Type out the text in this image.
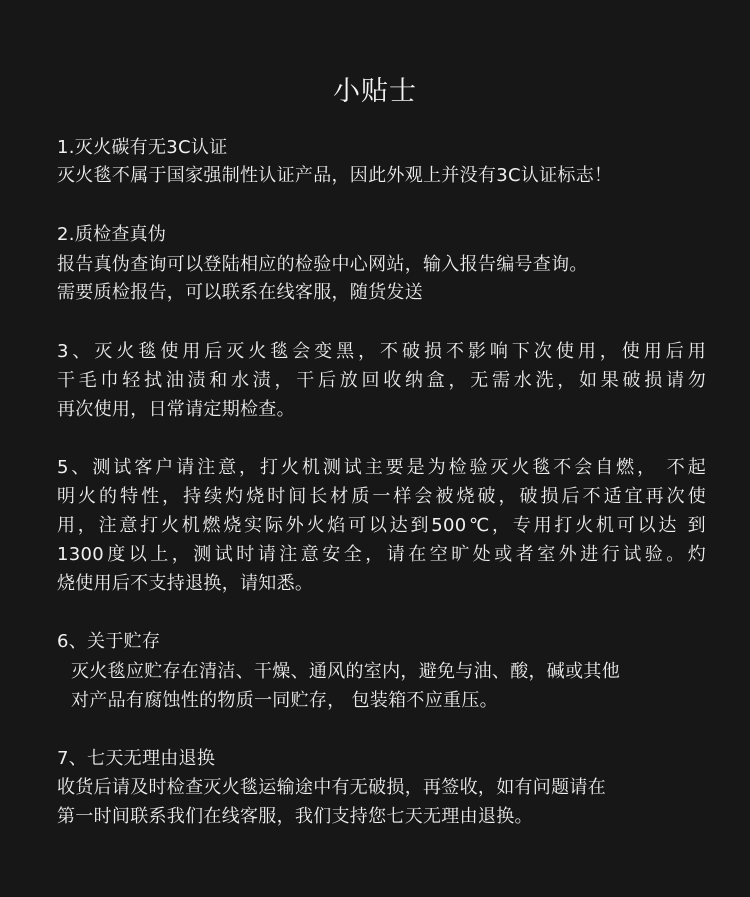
小贴士
1.灭火碳有无3C认证
灭火毯不属于国家强制性认证产品，因此外观上并没有3C认证标志！
2.质检查真伪
报告真伪查询可以登陆相应的检验中心网站，输入报告编号查询。
需要质检报告，可以联系在线客服，随货发送
3、灭火毯使用后灭火毯会变黑，不破损不影响下次使用，使用后用
干毛巾轻拭油渍和水渍，干后放回收纳盒，无需水洗，如果破损请勿
再次使用，日常请定期检查。
5、测试客户请注意，打火机测试主要是为检验灭火毯不会自燃， 不起
明火的特性，持续灼烧时间长材质一样会被烧破，破损后不适宜再次使
用，注意打火机燃烧实际外火焰可以达到500℃，专用打火机可以达 到
1300度以上，测试时请注意安全，请在空旷处或者室外进行试验。灼
烧使用后不支持退换，请知悉。
6、关于贮存
灭火毯应贮存在清洁、干燥、通风的室内，避免与油、酸，碱或其他
对产品有腐蚀性的物质一同贮存， 包装箱不应重压。
7、七天无理由退换
收货后请及时检查灭火毯运输途中有无破损，再签收，如有问题请在
第一时间联系我们在线客服，我们支持您七天无理由退换。
